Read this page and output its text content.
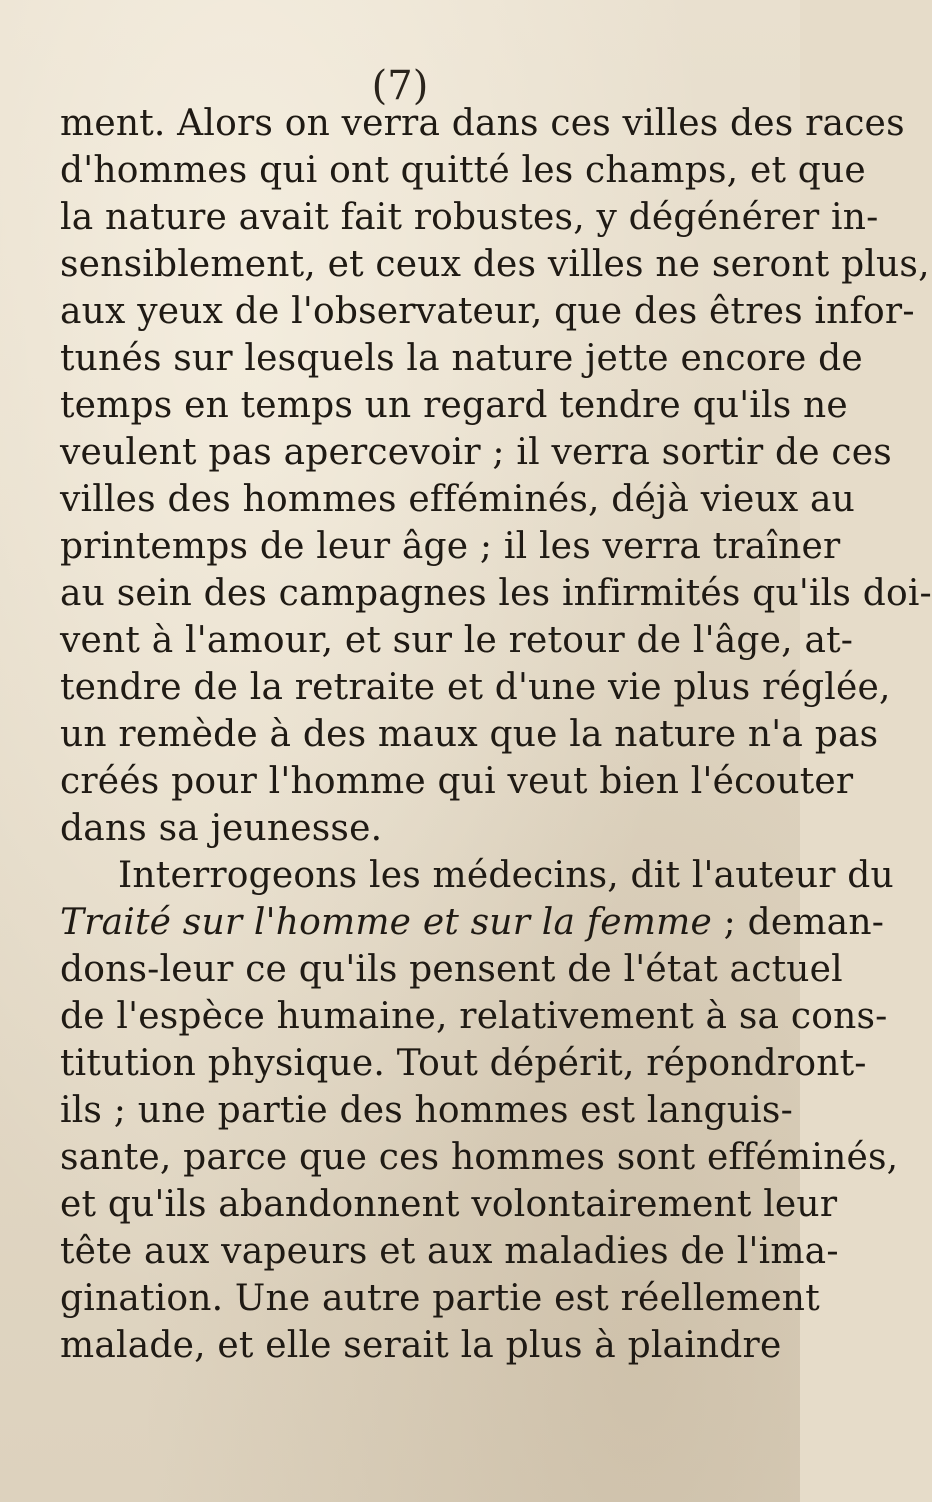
(7)
ment. Alors on verra dans ces villes des races
d'hommes qui ont quitté les champs, et que
la nature avait fait robustes, y dégénérer in-
sensiblement, et ceux des villes ne seront plus,
aux yeux de l'observateur, que des êtres infor-
tunés sur lesquels la nature jette encore de
temps en temps un regard tendre qu'ils ne
veulent pas apercevoir ; il verra sortir de ces
villes des hommes efféminés, déjà vieux au
printemps de leur âge ; il les verra traîner
au sein des campagnes les infirmités qu'ils doi-
vent à l'amour, et sur le retour de l'âge, at-
tendre de la retraite et d'une vie plus réglée,
un remède à des maux que la nature n'a pas
créés pour l'homme qui veut bien l'écouter
dans sa jeunesse.
Interrogeons les médecins, dit l'auteur du
Traité sur l'homme et sur la femme ; deman-
dons-leur ce qu'ils pensent de l'état actuel
de l'espèce humaine, relativement à sa cons-
titution physique. Tout dépérit, répondront-
ils ; une partie des hommes est languis-
sante, parce que ces hommes sont efféminés,
et qu'ils abandonnent volontairement leur
tête aux vapeurs et aux maladies de l'ima-
gination. Une autre partie est réellement
malade, et elle serait la plus à plaindre
